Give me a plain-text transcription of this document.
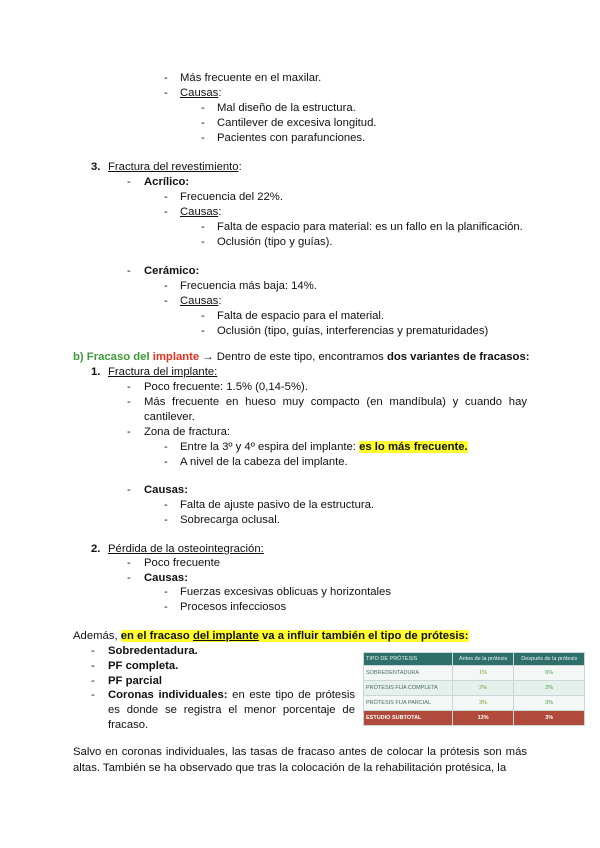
- Más frecuente en el maxilar.
- Causas:
- Mal diseño de la estructura.
- Cantilever de excesiva longitud.
- Pacientes con parafunciones.
3. Fractura del revestimiento:
- Acrílico:
- Frecuencia del 22%.
- Causas:
- Falta de espacio para material: es un fallo en la planificación.
- Oclusión (tipo y guías).
- Cerámico:
- Frecuencia más baja: 14%.
- Causas:
- Falta de espacio para el material.
- Oclusión (tipo, guías, interferencias y prematuridades)
b) Fracaso del implante → Dentro de este tipo, encontramos dos variantes de fracasos:
1. Fractura del implante:
- Poco frecuente: 1.5% (0,14-5%).
- Más frecuente en hueso muy compacto (en mandíbula) y cuando hay cantilever.
- Zona de fractura:
- Entre la 3º y 4º espira del implante: es lo más frecuente.
- A nivel de la cabeza del implante.
- Causas:
- Falta de ajuste pasivo de la estructura.
- Sobrecarga oclusal.
2. Pérdida de la osteointegración:
- Poco frecuente
- Causas:
- Fuerzas excesivas oblicuas y horizontales
- Procesos infecciosos
Además, en el fracaso del implante va a influir también el tipo de prótesis:
- Sobredentadura.
- PF completa.
- PF parcial
- Coronas individuales: en este tipo de prótesis es donde se registra el menor porcentaje de fracaso.
TIPO DE PRÓTESIS	Antes de la prótesis	Después de la prótesis
SOBREDENTADURA	1%	6%
PRÓTESIS FIJA COMPLETA	2%	2%
PRÓTESIS FIJA PARCIAL	3%	3%
ESTUDIO SUBTOTAL	13%	3%
Salvo en coronas individuales, las tasas de fracaso antes de colocar la prótesis son más altas. También se ha observado que tras la colocación de la rehabilitación protésica, la
